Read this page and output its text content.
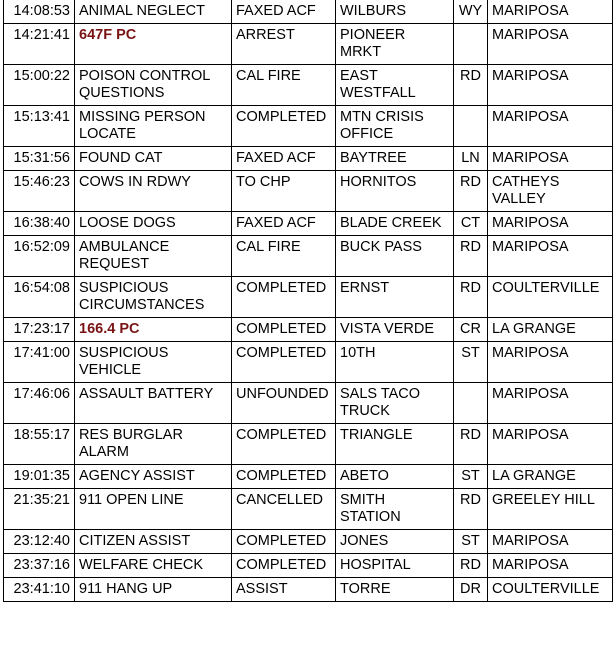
14:08:53	ANIMAL NEGLECT	FAXED ACF	WILBURS	WY	MARIPOSA
14:21:41	647F PC	ARREST	PIONEER MRKT		MARIPOSA
15:00:22	POISON CONTROL QUESTIONS	CAL FIRE	EAST WESTFALL	RD	MARIPOSA
15:13:41	MISSING PERSON LOCATE	COMPLETED	MTN CRISIS OFFICE		MARIPOSA
15:31:56	FOUND CAT	FAXED ACF	BAYTREE	LN	MARIPOSA
15:46:23	COWS IN RDWY	TO CHP	HORNITOS	RD	CATHEYS VALLEY
16:38:40	LOOSE DOGS	FAXED ACF	BLADE CREEK	CT	MARIPOSA
16:52:09	AMBULANCE REQUEST	CAL FIRE	BUCK PASS	RD	MARIPOSA
16:54:08	SUSPICIOUS CIRCUMSTANCES	COMPLETED	ERNST	RD	COULTERVILLE
17:23:17	166.4 PC	COMPLETED	VISTA VERDE	CR	LA GRANGE
17:41:00	SUSPICIOUS VEHICLE	COMPLETED	10TH	ST	MARIPOSA
17:46:06	ASSAULT BATTERY	UNFOUNDED	SALS TACO TRUCK		MARIPOSA
18:55:17	RES BURGLAR ALARM	COMPLETED	TRIANGLE	RD	MARIPOSA
19:01:35	AGENCY ASSIST	COMPLETED	ABETO	ST	LA GRANGE
21:35:21	911 OPEN LINE	CANCELLED	SMITH STATION	RD	GREELEY HILL
23:12:40	CITIZEN ASSIST	COMPLETED	JONES	ST	MARIPOSA
23:37:16	WELFARE CHECK	COMPLETED	HOSPITAL	RD	MARIPOSA
23:41:10	911 HANG UP	ASSIST	TORRE	DR	COULTERVILLE
